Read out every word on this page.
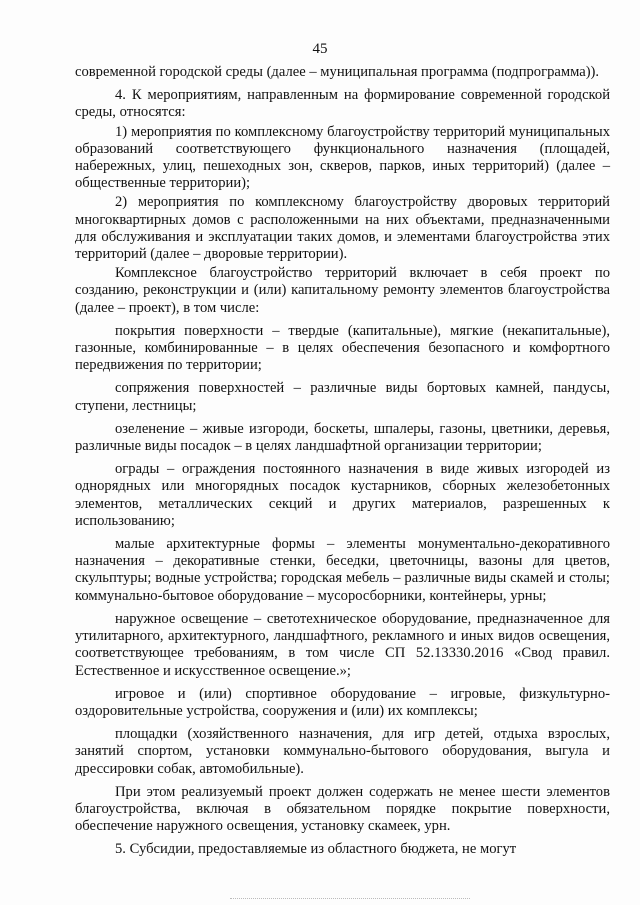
45

современной городской среды (далее – муниципальная программа (подпрограмма)).

4. К мероприятиям, направленным на формирование современной городской среды, относятся:

1) мероприятия по комплексному благоустройству территорий муниципальных образований соответствующего функционального назначения (площадей, набережных, улиц, пешеходных зон, скверов, парков, иных территорий) (далее – общественные территории);

2) мероприятия по комплексному благоустройству дворовых территорий многоквартирных домов с расположенными на них объектами, предназначенными для обслуживания и эксплуатации таких домов, и элементами благоустройства этих территорий (далее – дворовые территории).

Комплексное благоустройство территорий включает в себя проект по созданию, реконструкции и (или) капитальному ремонту элементов благоустройства (далее – проект), в том числе:

покрытия поверхности – твердые (капитальные), мягкие (некапитальные), газонные, комбинированные – в целях обеспечения безопасного и комфортного передвижения по территории;

сопряжения поверхностей – различные виды бортовых камней, пандусы, ступени, лестницы;

озеленение – живые изгороди, боскеты, шпалеры, газоны, цветники, деревья, различные виды посадок – в целях ландшафтной организации территории;

ограды – ограждения постоянного назначения в виде живых изгородей из однорядных или многорядных посадок кустарников, сборных железобетонных элементов, металлических секций и других материалов, разрешенных к использованию;

малые архитектурные формы – элементы монументально-декоративного назначения – декоративные стенки, беседки, цветочницы, вазоны для цветов, скульптуры; водные устройства; городская мебель – различные виды скамей и столы; коммунально-бытовое оборудование – мусоросборники, контейнеры, урны;

наружное освещение – светотехническое оборудование, предназначенное для утилитарного, архитектурного, ландшафтного, рекламного и иных видов освещения, соответствующее требованиям, в том числе СП 52.13330.2016 «Свод правил. Естественное и искусственное освещение.»;

игровое и (или) спортивное оборудование – игровые, физкультурно-оздоровительные устройства, сооружения и (или) их комплексы;

площадки (хозяйственного назначения, для игр детей, отдыха взрослых, занятий спортом, установки коммунально-бытового оборудования, выгула и дрессировки собак, автомобильные).

При этом реализуемый проект должен содержать не менее шести элементов благоустройства, включая в обязательном порядке покрытие поверхности, обеспечение наружного освещения, установку скамеек, урн.

5. Субсидии, предоставляемые из областного бюджета, не могут
